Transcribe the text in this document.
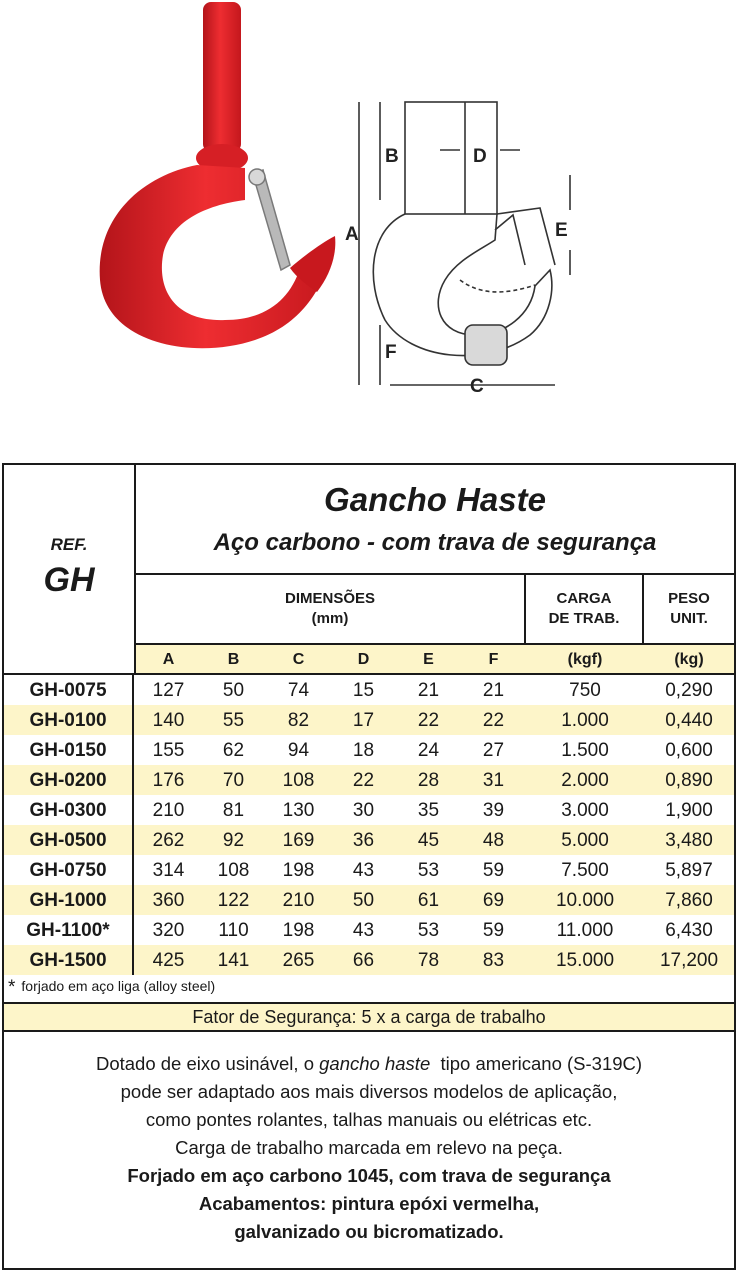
A
B
C
D
E
F
REF.
GH
Gancho Haste
Aço carbono - com trava de segurança
DIMENSÕES
(mm)
CARGA
DE TRAB.
PESO
UNIT.
A	B	C	D	E	F	(kgf)	(kg)
GH-0075	127	50	74	15	21	21	750	0,290
GH-0100	140	55	82	17	22	22	1.000	0,440
GH-0150	155	62	94	18	24	27	1.500	0,600
GH-0200	176	70	108	22	28	31	2.000	0,890
GH-0300	210	81	130	30	35	39	3.000	1,900
GH-0500	262	92	169	36	45	48	5.000	3,480
GH-0750	314	108	198	43	53	59	7.500	5,897
GH-1000	360	122	210	50	61	69	10.000	7,860
GH-1100*	320	110	198	43	53	59	11.000	6,430
GH-1500	425	141	265	66	78	83	15.000	17,200
* forjado em aço liga (alloy steel)
Fator de Segurança: 5 x a carga de trabalho

Dotado de eixo usinável, o gancho haste  tipo americano (S-319C)

pode ser adaptado aos mais diversos modelos de aplicação,

como pontes rolantes, talhas manuais ou elétricas etc.

Carga de trabalho marcada em relevo na peça.

Forjado em aço carbono 1045, com trava de segurança

Acabamentos: pintura epóxi vermelha,

galvanizado ou bicromatizado.
